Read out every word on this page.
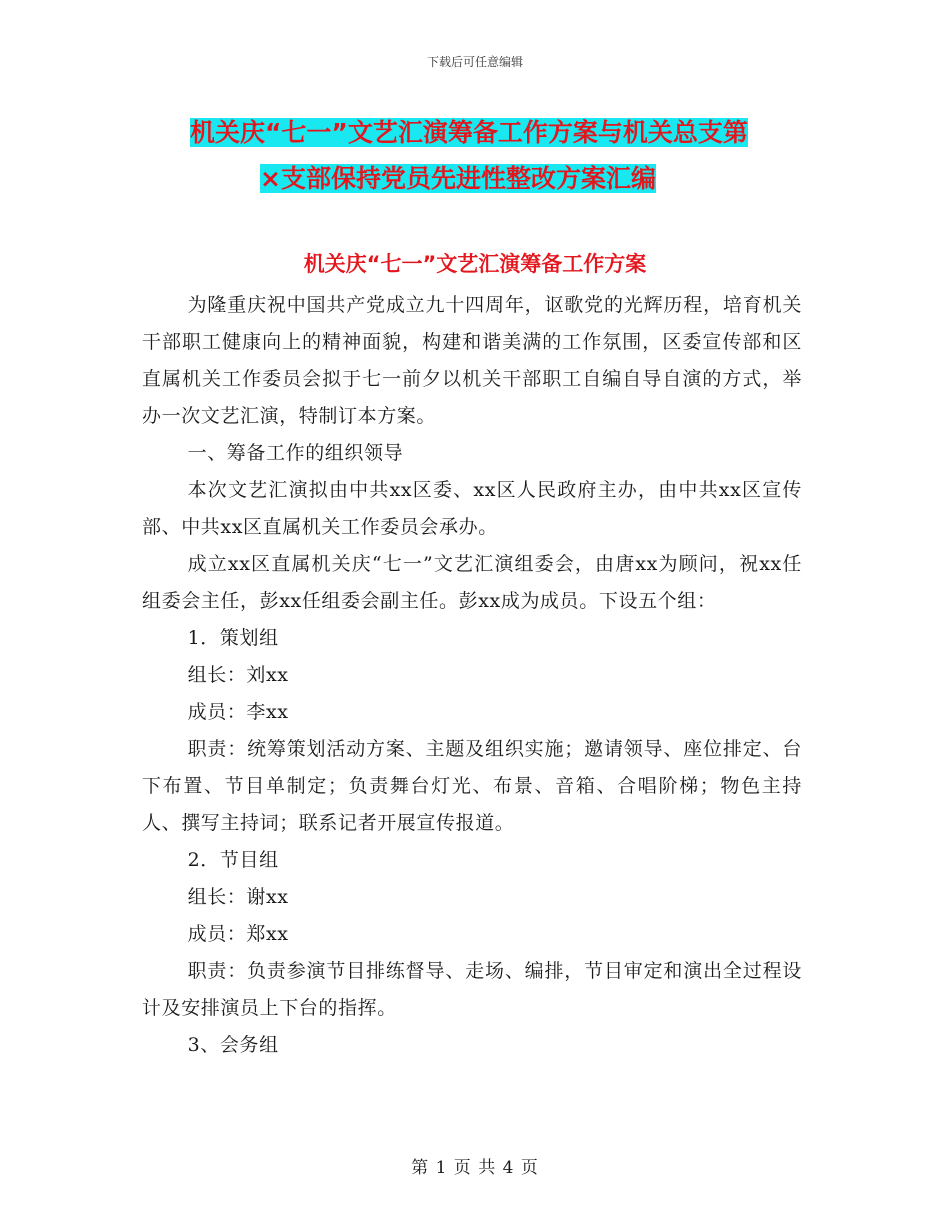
下载后可任意编辑
机关庆“七一”文艺汇演筹备工作方案与机关总支第
×支部保持党员先进性整改方案汇编
机关庆“七一”文艺汇演筹备工作方案

为隆重庆祝中国共产党成立九十四周年，讴歌党的光辉历程，培育机关干部职工健康向上的精神面貌，构建和谐美满的工作氛围，区委宣传部和区直属机关工作委员会拟于七一前夕以机关干部职工自编自导自演的方式，举办一次文艺汇演，特制订本方案。

一、筹备工作的组织领导

本次文艺汇演拟由中共xx区委、xx区人民政府主办，由中共xx区宣传部、中共xx区直属机关工作委员会承办。

成立xx区直属机关庆“七一”文艺汇演组委会，由唐xx为顾问，祝xx任组委会主任，彭xx任组委会副主任。彭xx成为成员。下设五个组：

1．策划组

组长：刘xx

成员：李xx

职责：统筹策划活动方案、主题及组织实施；邀请领导、座位排定、台下布置、节目单制定；负责舞台灯光、布景、音箱、合唱阶梯；物色主持人、撰写主持词；联系记者开展宣传报道。

2．节目组

组长：谢xx

成员：郑xx

职责：负责参演节目排练督导、走场、编排，节目审定和演出全过程设计及安排演员上下台的指挥。

3、会务组

第 1 页 共 4 页
